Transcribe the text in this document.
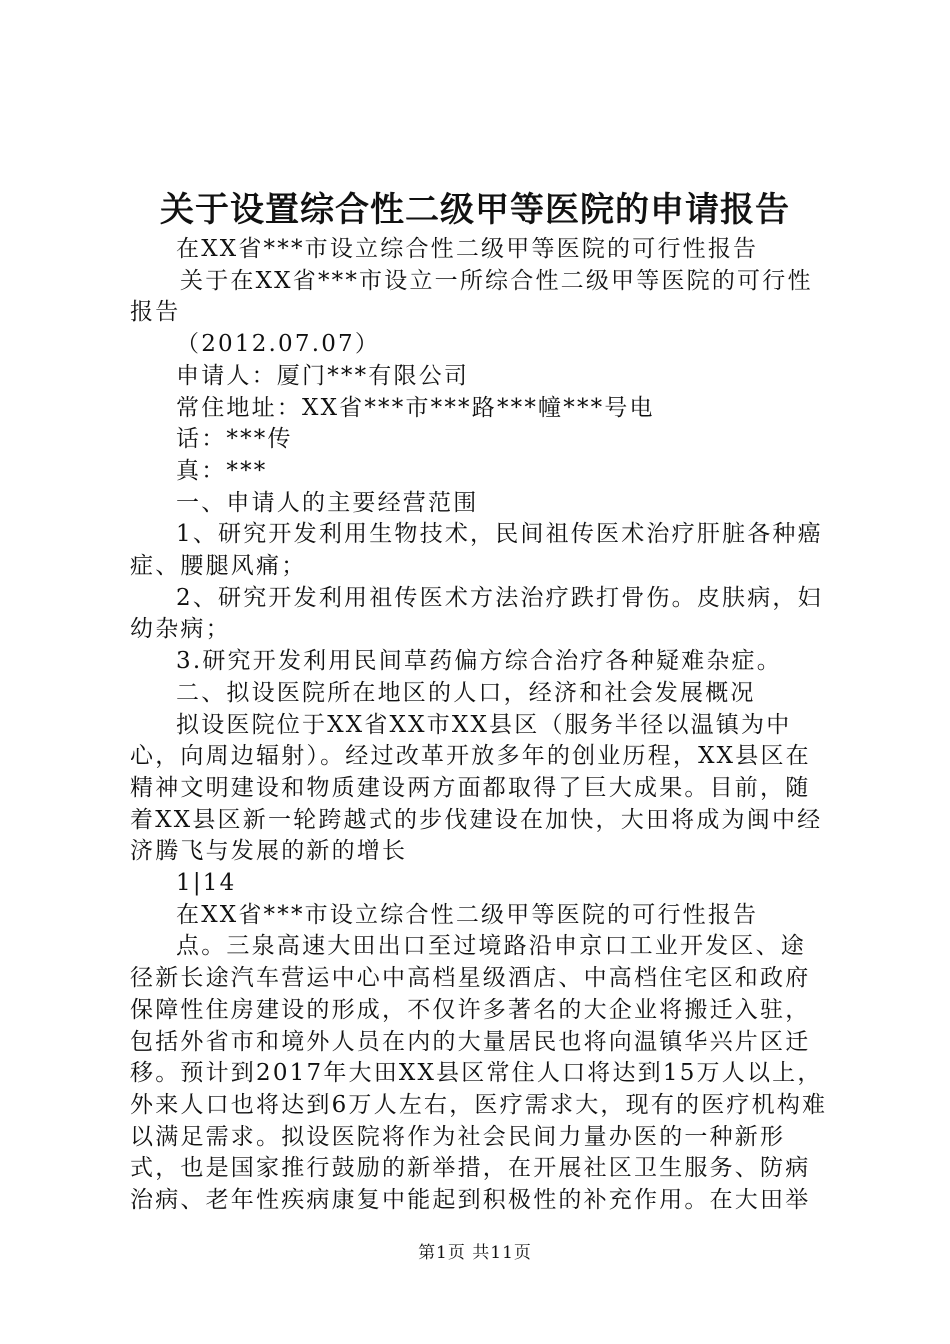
关于设置综合性二级甲等医院的申请报告

在XX省***市设立综合性二级甲等医院的可行性报告

关于在XX省***市设立一所综合性二级甲等医院的可行性报告

（2012.07.07）

申请人：厦门***有限公司

常住地址：XX省***市***路***幢***号电

话：***传

真：***

一、申请人的主要经营范围

1、研究开发利用生物技术，民间祖传医术治疗肝脏各种癌症、腰腿风痛；

2、研究开发利用祖传医术方法治疗跌打骨伤。皮肤病，妇幼杂病；

3.研究开发利用民间草药偏方综合治疗各种疑难杂症。

二、拟设医院所在地区的人口，经济和社会发展概况

拟设医院位于XX省XX市XX县区（服务半径以温镇为中心，向周边辐射）。经过改革开放多年的创业历程，XX县区在精神文明建设和物质建设两方面都取得了巨大成果。目前，随着XX县区新一轮跨越式的步伐建设在加快，大田将成为闽中经济腾飞与发展的新的增长

1|14

在XX省***市设立综合性二级甲等医院的可行性报告

点。三泉高速大田出口至过境路沿申京口工业开发区、途径新长途汽车营运中心中高档星级酒店、中高档住宅区和政府保障性住房建设的形成，不仅许多著名的大企业将搬迁入驻，包括外省市和境外人员在内的大量居民也将向温镇华兴片区迁移。预计到2017年大田XX县区常住人口将达到15万人以上，外来人口也将达到6万人左右，医疗需求大，现有的医疗机构难以满足需求。拟设医院将作为社会民间力量办医的一种新形式，也是国家推行鼓励的新举措，在开展社区卫生服务、防病治病、老年性疾病康复中能起到积极性的补充作用。在大田举

第1页 共11页
